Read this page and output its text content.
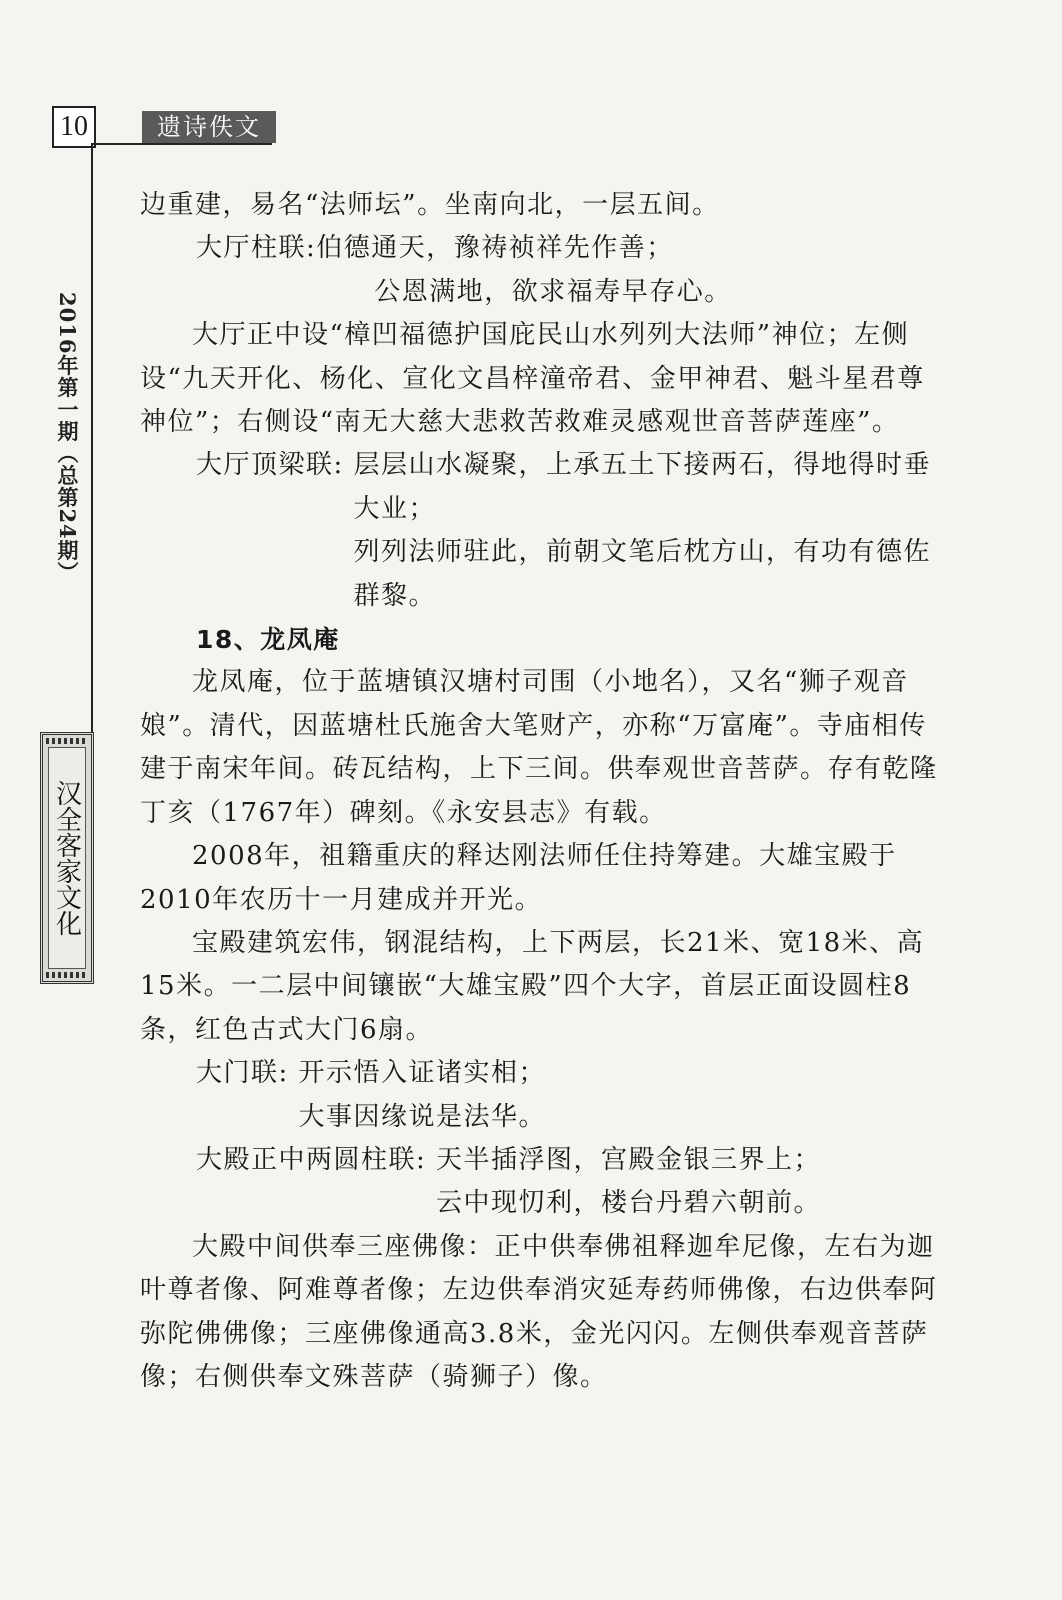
10	遗诗佚文
2016年第一期（总第24期）
汉全客家文化

边重建，易名“法师坛”。坐南向北，一层五间。

大厅柱联: 伯德通天，豫祷祯祥先作善；

公恩满地，欲求福寿早存心。

大厅正中设“樟凹福德护国庇民山水列列大法师”神位；左侧设“九天开化、杨化、宣化文昌梓潼帝君、金甲神君、魁斗星君尊神位”；右侧设“南无大慈大悲救苦救难灵感观世音菩萨莲座”。

大厅顶梁联: 层层山水凝聚，上承五土下接两石，得地得时垂大业；

列列法师驻此，前朝文笔后枕方山，有功有德佐群黎。

18、龙凤庵

龙凤庵，位于蓝塘镇汉塘村司围（小地名），又名“狮子观音娘”。清代，因蓝塘杜氏施舍大笔财产，亦称“万富庵”。寺庙相传建于南宋年间。砖瓦结构，上下三间。供奉观世音菩萨。存有乾隆丁亥（1767年）碑刻。《永安县志》有载。

2008年，祖籍重庆的释达刚法师任住持筹建。大雄宝殿于2010年农历十一月建成并开光。

宝殿建筑宏伟，钢混结构，上下两层，长21米、宽18米、高15米。一二层中间镶嵌“大雄宝殿”四个大字，首层正面设圆柱8条，红色古式大门6扇。

大门联: 开示悟入证诸实相；

大事因缘说是法华。

大殿正中两圆柱联: 天半插浮图，宫殿金银三界上；

云中现忉利，楼台丹碧六朝前。

大殿中间供奉三座佛像：正中供奉佛祖释迦牟尼像，左右为迦叶尊者像、阿难尊者像；左边供奉消灾延寿药师佛像，右边供奉阿弥陀佛佛像；三座佛像通高3.8米，金光闪闪。左侧供奉观音菩萨像；右侧供奉文殊菩萨（骑狮子）像。
